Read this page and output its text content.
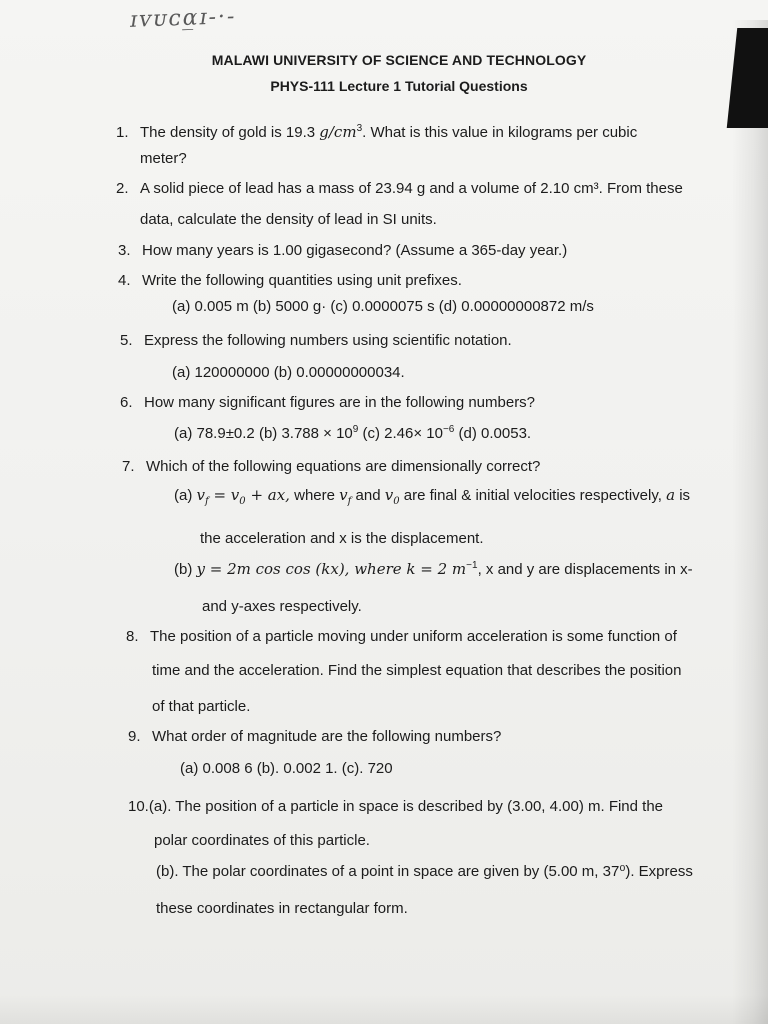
ɪᴠᴜᴄɑ̲ɪ-·-
MALAWI UNIVERSITY OF SCIENCE AND TECHNOLOGY
PHYS-111 Lecture 1 Tutorial Questions
1. The density of gold is 19.3 $g/cm^3$. What is this value in kilograms per cubic
meter?
2. A solid piece of lead has a mass of 23.94 g and a volume of 2.10 cm³. From these
data, calculate the density of lead in SI units.
3. How many years is 1.00 gigasecond? (Assume a 365-day year.)
4. Write the following quantities using unit prefixes.
(a) 0.005 m (b) 5000 g· (c) 0.0000075 s (d) 0.00000000872 m/s
5. Express the following numbers using scientific notation.
(a) 120000000 (b) 0.00000000034.
6. How many significant figures are in the following numbers?
(a) 78.9±0.2 (b) $3.788 \times 10^9$ (c) $2.46\times 10^{-6}$ (d) 0.0053.
7. Which of the following equations are dimensionally correct?
(a) $v_f = v_0$ + ax, where $v_f$ and $v_0$ are final & initial velocities respectively, a is
the acceleration and x is the displacement.
(b) y = 2m cos cos (kx), where k = 2 $m^{-1}$, x and y are displacements in x-
and y-axes respectively.
8. The position of a particle moving under uniform acceleration is some function of
time and the acceleration. Find the simplest equation that describes the position
of that particle.
9. What order of magnitude are the following numbers?
(a) 0.008 6 (b). 0.002 1. (c). 720
10.(a). The position of a particle in space is described by (3.00, 4.00) m. Find the
polar coordinates of this particle.
(b). The polar coordinates of a point in space are given by (5.00 m, 37⁰). Express
these coordinates in rectangular form.
